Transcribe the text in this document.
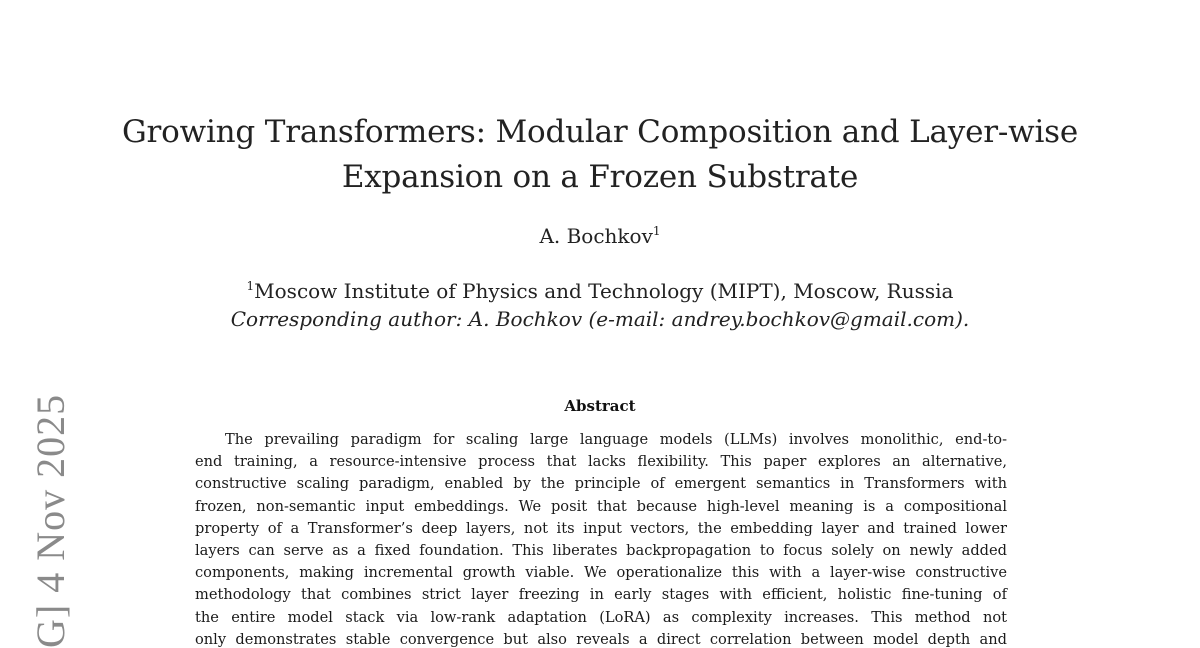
Growing Transformers: Modular Composition and Layer-wise
Expansion on a Frozen Substrate
A. Bochkov$^1$
$^1$Moscow Institute of Physics and Technology (MIPT), Moscow, Russia
Corresponding author: A. Bochkov (e-mail: andrey.bochkov@gmail.com).
Abstract
The prevailing paradigm for scaling large language models (LLMs) involves monolithic, end-to-
end training, a resource-intensive process that lacks flexibility. This paper explores an alternative,
constructive scaling paradigm, enabled by the principle of emergent semantics in Transformers with
frozen, non-semantic input embeddings. We posit that because high-level meaning is a compositional
property of a Transformer’s deep layers, not its input vectors, the embedding layer and trained lower
layers can serve as a fixed foundation. This liberates backpropagation to focus solely on newly added
components, making incremental growth viable. We operationalize this with a layer-wise constructive
methodology that combines strict layer freezing in early stages with efficient, holistic fine-tuning of
the entire model stack via low-rank adaptation (LoRA) as complexity increases. This method not
only demonstrates stable convergence but also reveals a direct correlation between model depth and
G] 4 Nov 2025
